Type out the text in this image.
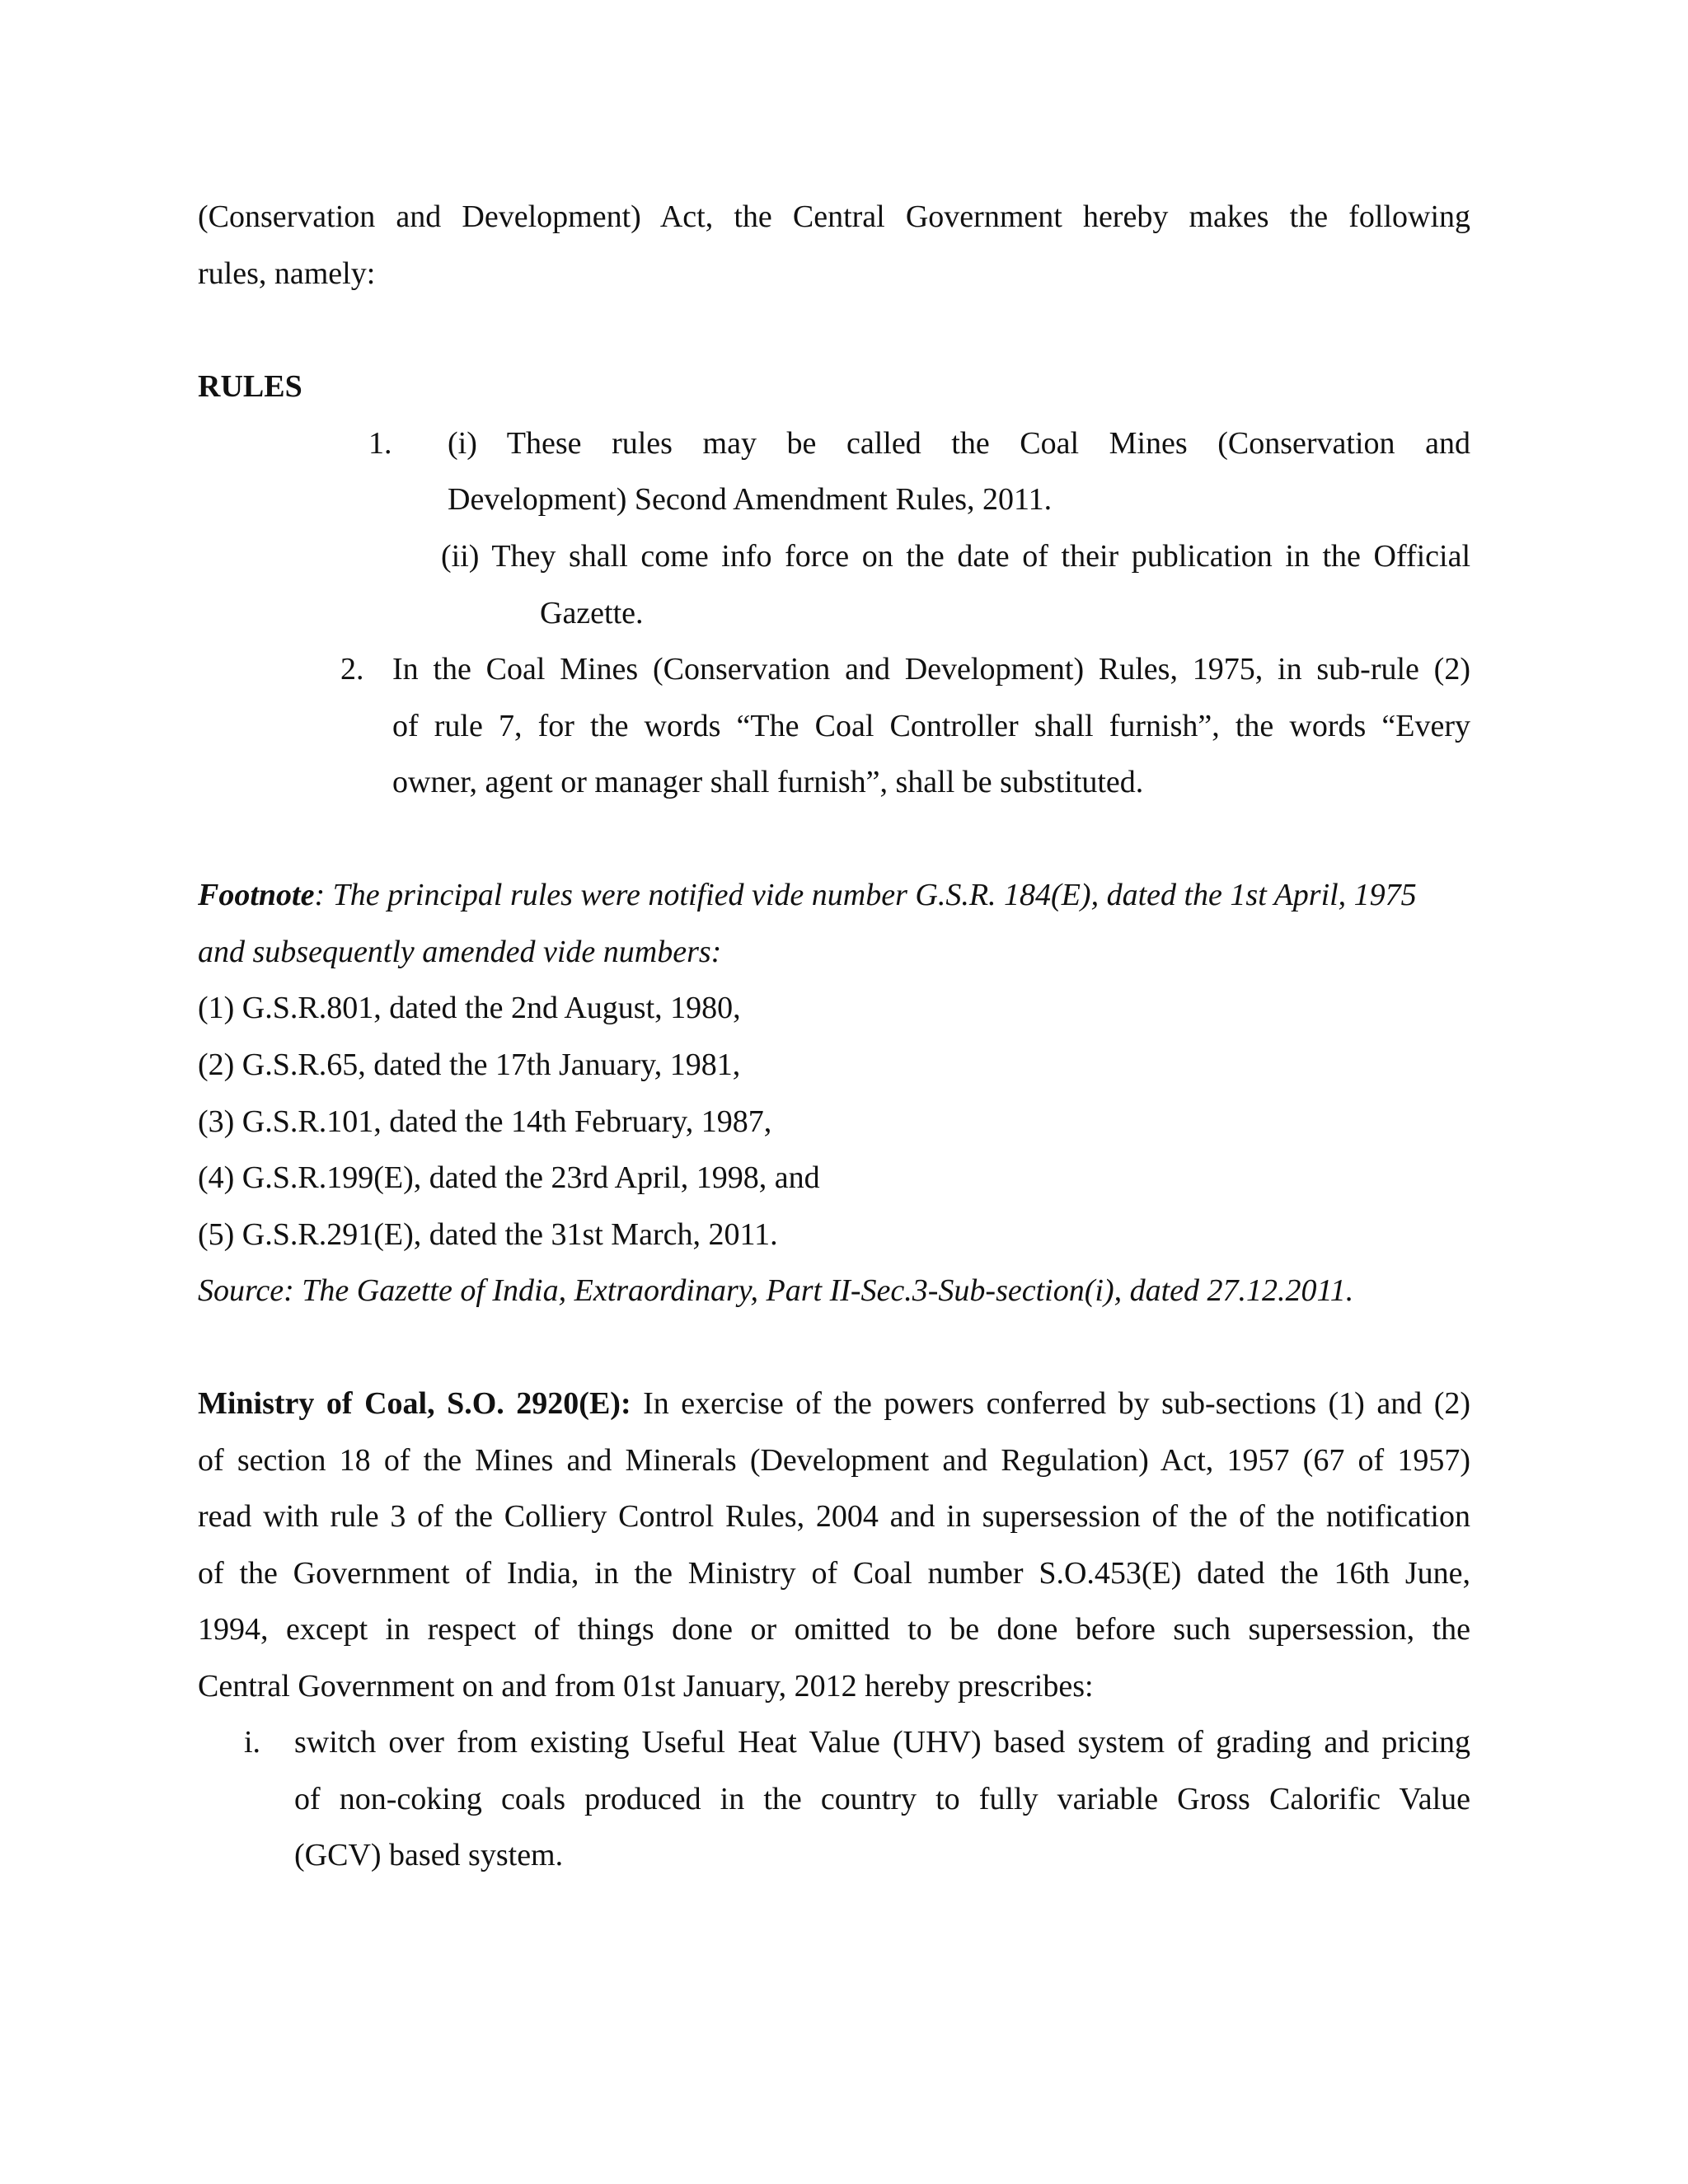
(Conservation and Development) Act, the Central Government hereby makes the following
rules, namely:
RULES
1. (i) These rules may be called the Coal Mines (Conservation and
Development) Second Amendment Rules, 2011.
(ii) They shall come info force on the date of their publication in the Official
Gazette.
2. In the Coal Mines (Conservation and Development) Rules, 1975, in sub-rule (2)
of rule 7, for the words “The Coal Controller shall furnish”, the words “Every
owner, agent or manager shall furnish”, shall be substituted.
Footnote: The principal rules were notified vide number G.S.R. 184(E), dated the 1st April, 1975
and subsequently amended vide numbers:
(1) G.S.R.801, dated the 2nd August, 1980,
(2) G.S.R.65, dated the 17th January, 1981,
(3) G.S.R.101, dated the 14th February, 1987,
(4) G.S.R.199(E), dated the 23rd April, 1998, and
(5) G.S.R.291(E), dated the 31st March, 2011.
Source: The Gazette of India, Extraordinary, Part II-Sec.3-Sub-section(i), dated 27.12.2011.
Ministry of Coal, S.O. 2920(E): In exercise of the powers conferred by sub-sections (1) and (2)
of section 18 of the Mines and Minerals (Development and Regulation) Act, 1957 (67 of 1957)
read with rule 3 of the Colliery Control Rules, 2004 and in supersession of the of the notification
of the Government of India, in the Ministry of Coal number S.O.453(E) dated the 16th June,
1994, except in respect of things done or omitted to be done before such supersession, the
Central Government on and from 01st January, 2012 hereby prescribes:
i. switch over from existing Useful Heat Value (UHV) based system of grading and pricing
of non-coking coals produced in the country to fully variable Gross Calorific Value
(GCV) based system.
